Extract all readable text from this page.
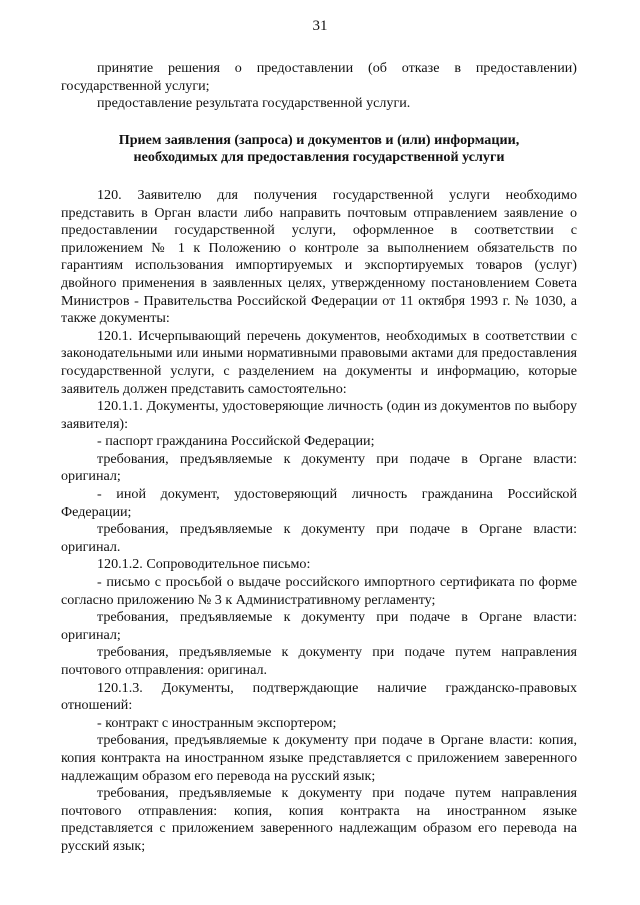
31

принятие решения о предоставлении (об отказе в предоставлении) государственной услуги;

предоставление результата государственной услуги.

Прием заявления (запроса) и документов и (или) информации,
необходимых для предоставления государственной услуги

120. Заявителю для получения государственной услуги необходимо представить в Орган власти либо направить почтовым отправлением заявление о предоставлении государственной услуги, оформленное в соответствии с приложением № 1 к Положению о контроле за выполнением обязательств по гарантиям использования импортируемых и экспортируемых товаров (услуг) двойного применения в заявленных целях, утвержденному постановлением Совета Министров - Правительства Российской Федерации от 11 октября 1993 г. № 1030, а также документы:

120.1. Исчерпывающий перечень документов, необходимых в соответствии с законодательными или иными нормативными правовыми актами для предоставления государственной услуги, с разделением на документы и информацию, которые заявитель должен представить самостоятельно:

120.1.1. Документы, удостоверяющие личность (один из документов по выбору заявителя):

- паспорт гражданина Российской Федерации;

требования, предъявляемые к документу при подаче в Органе власти: оригинал;

- иной документ, удостоверяющий личность гражданина Российской Федерации;

требования, предъявляемые к документу при подаче в Органе власти: оригинал.

120.1.2. Сопроводительное письмо:

- письмо с просьбой о выдаче российского импортного сертификата по форме согласно приложению № 3 к Административному регламенту;

требования, предъявляемые к документу при подаче в Органе власти: оригинал;

требования, предъявляемые к документу при подаче путем направления почтового отправления: оригинал.

120.1.3. Документы, подтверждающие наличие гражданско-правовых отношений:

- контракт с иностранным экспортером;

требования, предъявляемые к документу при подаче в Органе власти: копия, копия контракта на иностранном языке представляется с приложением заверенного надлежащим образом его перевода на русский язык;

требования, предъявляемые к документу при подаче путем направления почтового отправления: копия, копия контракта на иностранном языке представляется с приложением заверенного надлежащим образом его перевода на русский язык;
